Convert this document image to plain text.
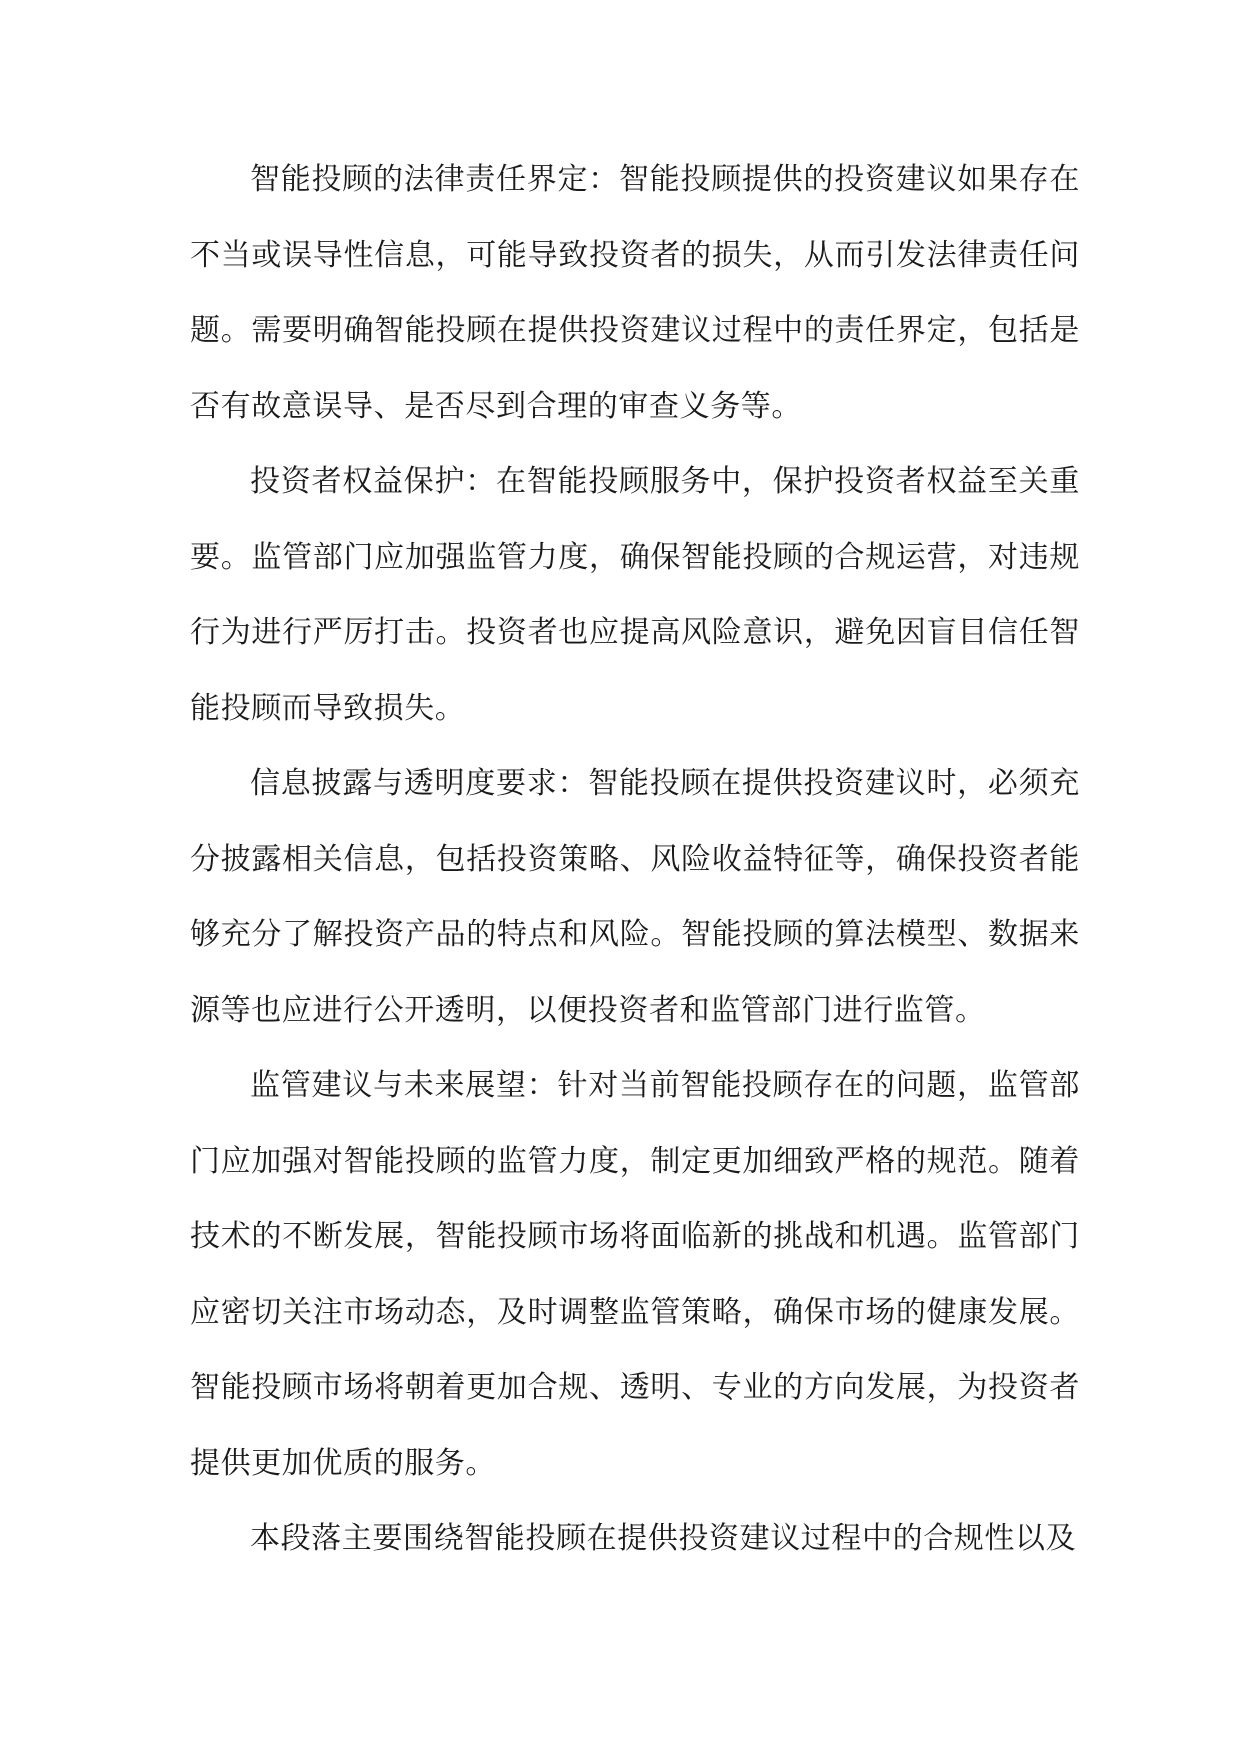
智能投顾的法律责任界定：智能投顾提供的投资建议如果存在不当或误导性信息，可能导致投资者的损失，从而引发法律责任问题。需要明确智能投顾在提供投资建议过程中的责任界定，包括是否有故意误导、是否尽到合理的审查义务等。

投资者权益保护：在智能投顾服务中，保护投资者权益至关重要。监管部门应加强监管力度，确保智能投顾的合规运营，对违规行为进行严厉打击。投资者也应提高风险意识，避免因盲目信任智能投顾而导致损失。

信息披露与透明度要求：智能投顾在提供投资建议时，必须充分披露相关信息，包括投资策略、风险收益特征等，确保投资者能够充分了解投资产品的特点和风险。智能投顾的算法模型、数据来源等也应进行公开透明，以便投资者和监管部门进行监管。

监管建议与未来展望：针对当前智能投顾存在的问题，监管部门应加强对智能投顾的监管力度，制定更加细致严格的规范。随着技术的不断发展，智能投顾市场将面临新的挑战和机遇。监管部门应密切关注市场动态，及时调整监管策略，确保市场的健康发展。智能投顾市场将朝着更加合规、透明、专业的方向发展，为投资者提供更加优质的服务。

本段落主要围绕智能投顾在提供投资建议过程中的合规性以及
